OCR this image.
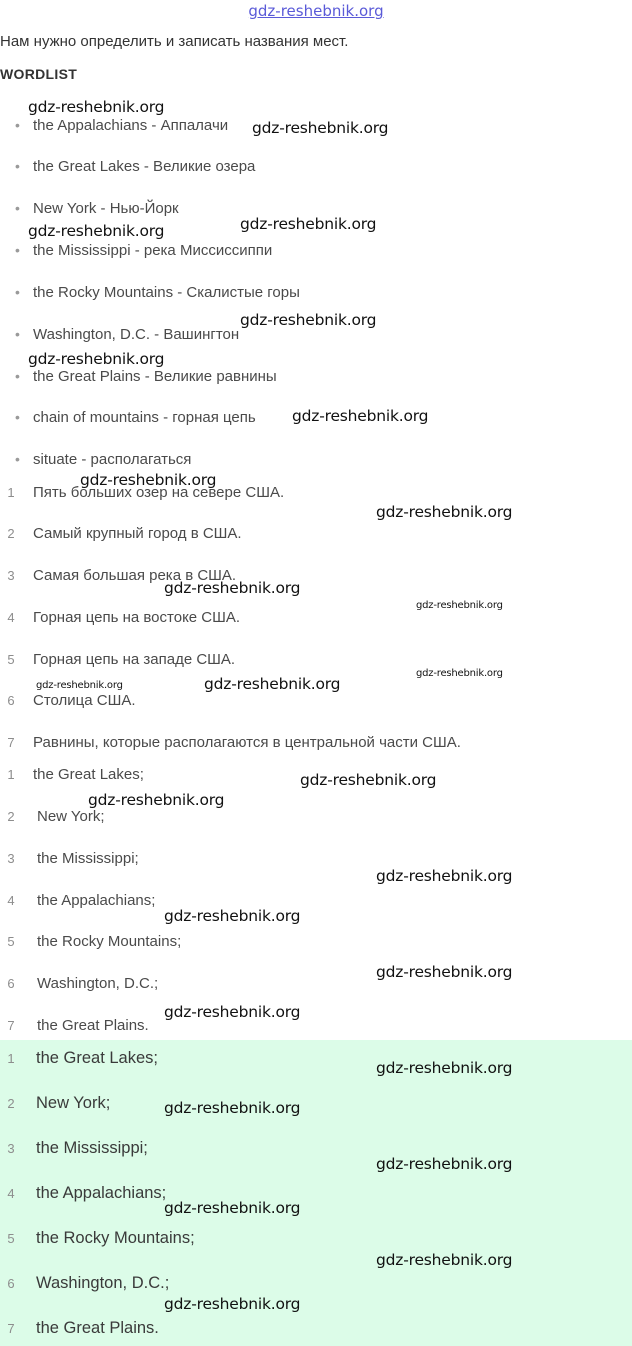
gdz-reshebnik.org
Нам нужно определить и записать названия мест.
WORDLIST
• the Appalachians - Аппалачи
• the Great Lakes - Великие озера
• New York - Нью-Йорк
• the Mississippi - река Миссиссиппи
• the Rocky Mountains - Скалистые горы
• Washington, D.C. - Вашингтон
• the Great Plains - Великие равнины
• chain of mountains - горная цепь
• situate - располагаться
1	Пять больших озер на севере США.
2	Самый крупный город в США.
3	Самая большая река в США.
4	Горная цепь на востоке США.
5	Горная цепь на западе США.
6	Столица США.
7	Равнины, которые располагаются в центральной части США.
1	the Great Lakes;
2	New York;
3	the Mississippi;
4	the Appalachians;
5	the Rocky Mountains;
6	Washington, D.C.;
7	the Great Plains.
1	the Great Lakes;
2	New York;
3	the Mississippi;
4	the Appalachians;
5	the Rocky Mountains;
6	Washington, D.C.;
7	the Great Plains.
gdz-reshebnik.org
gdz-reshebnik.org
gdz-reshebnik.org
gdz-reshebnik.org
gdz-reshebnik.org
gdz-reshebnik.org
gdz-reshebnik.org
gdz-reshebnik.org
gdz-reshebnik.org
gdz-reshebnik.org
gdz-reshebnik.org
gdz-reshebnik.org
gdz-reshebnik.org	gdz-reshebnik.org
gdz-reshebnik.org
gdz-reshebnik.org
gdz-reshebnik.org
gdz-reshebnik.org
gdz-reshebnik.org
gdz-reshebnik.org
gdz-reshebnik.org
gdz-reshebnik.org
gdz-reshebnik.org
gdz-reshebnik.org
gdz-reshebnik.org
gdz-reshebnik.org
